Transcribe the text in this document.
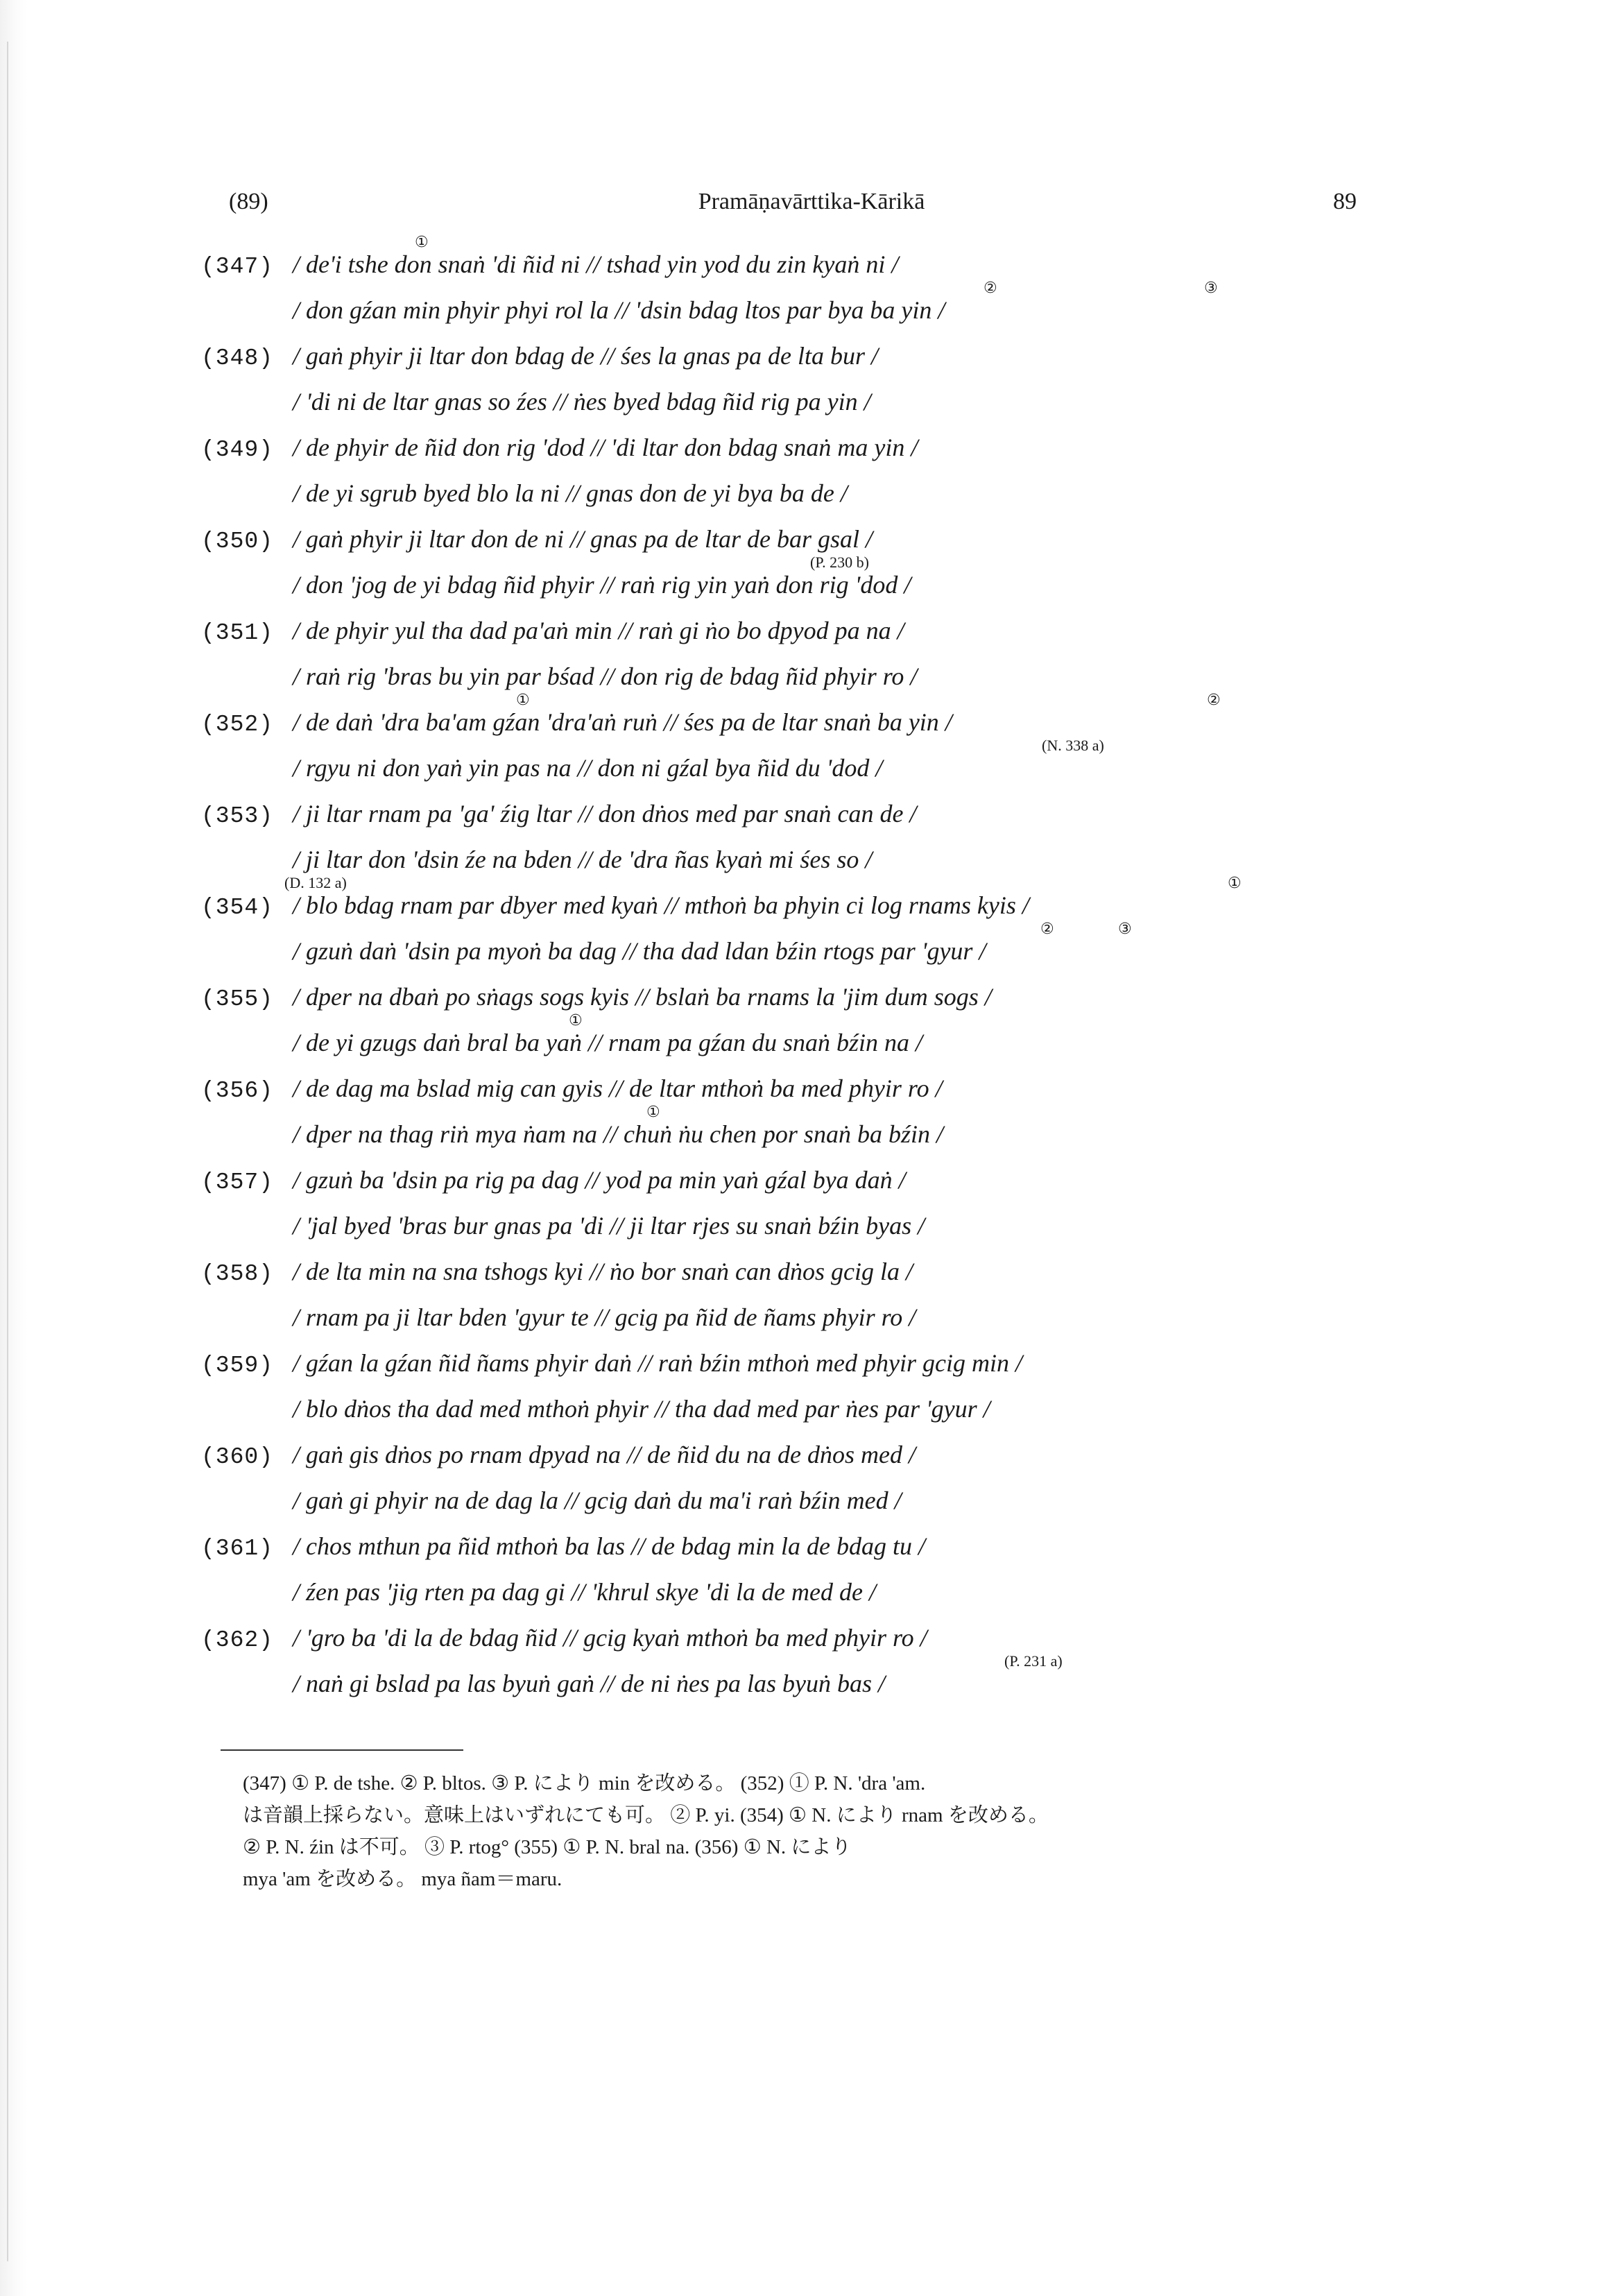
(89)	Pramāṇavārttika-Kārikā	89
(347) / de'i tshe don snaṅ 'di ñid ni // tshad yin yod du zin kyaṅ ni /
/ don gźan min phyir phyi rol la // 'dsin bdag ltos par bya ba yin /
①
②	③
(348) / gaṅ phyir ji ltar don bdag de // śes la gnas pa de lta bur /
/ 'di ni de ltar gnas so źes // ṅes byed bdag ñid rig pa yin /
(349) / de phyir de ñid don rig 'dod // 'di ltar don bdag snaṅ ma yin /
/ de yi sgrub byed blo la ni // gnas don de yi bya ba de /
(350) / gaṅ phyir ji ltar don de ni // gnas pa de ltar de bar gsal /
/ don 'jog de yi bdag ñid phyir // raṅ rig yin yaṅ don rig 'dod /
(P. 230 b)
(351) / de phyir yul tha dad pa'aṅ min // raṅ gi ṅo bo dpyod pa na /
/ raṅ rig 'bras bu yin par bśad // don rig de bdag ñid phyir ro /
(352) / de daṅ 'dra ba'am gźan 'dra'aṅ ruṅ // śes pa de ltar snaṅ ba yin /
/ rgyu ni don yaṅ yin pas na // don ni gźal bya ñid du 'dod /
①	②
(N. 338 a)
(353) / ji ltar rnam pa 'ga' źig ltar // don dṅos med par snaṅ can de /
/ ji ltar don 'dsin źe na bden // de 'dra ñas kyaṅ mi śes so /
(D. 132 a)
(354) / blo bdag rnam par dbyer med kyaṅ // mthoṅ ba phyin ci log rnams kyis /
/ gzuṅ daṅ 'dsin pa myoṅ ba dag // tha dad ldan bźin rtogs par 'gyur /
①
②	③
(355) / dper na dbaṅ po sṅags sogs kyis // bslaṅ ba rnams la 'jim dum sogs /
/ de yi gzugs daṅ bral ba yaṅ // rnam pa gźan du snaṅ bźin na /
①
(356) / de dag ma bslad mig can gyis // de ltar mthoṅ ba med phyir ro /
/ dper na thag riṅ mya ṅam na // chuṅ ṅu chen por snaṅ ba bźin /
①
(357) / gzuṅ ba 'dsin pa rig pa dag // yod pa min yaṅ gźal bya daṅ /
/ 'jal byed 'bras bur gnas pa 'di // ji ltar rjes su snaṅ bźin byas /
(358) / de lta min na sna tshogs kyi // ṅo bor snaṅ can dṅos gcig la /
/ rnam pa ji ltar bden 'gyur te // gcig pa ñid de ñams phyir ro /
(359) / gźan la gźan ñid ñams phyir daṅ // raṅ bźin mthoṅ med phyir gcig min /
/ blo dṅos tha dad med mthoṅ phyir // tha dad med par ṅes par 'gyur /
(360) / gaṅ gis dṅos po rnam dpyad na // de ñid du na de dṅos med /
/ gaṅ gi phyir na de dag la // gcig daṅ du ma'i raṅ bźin med /
(361) / chos mthun pa ñid mthoṅ ba las // de bdag min la de bdag tu /
/ źen pas 'jig rten pa dag gi // 'khrul skye 'di la de med de /
(362) / 'gro ba 'di la de bdag ñid // gcig kyaṅ mthoṅ ba med phyir ro /
/ naṅ gi bslad pa las byuṅ gaṅ // de ni ṅes pa las byuṅ bas /
(P. 231 a)
(347) ① P. de tshe. ② P. bltos. ③ P. により min を改める。 (352) ① P. N. 'dra 'am.
は音韻上採らない。意味上はいずれにても可。 ② P. yi. (354) ① N. により rnam を改める。
② P. N. źin は不可。 ③ P. rtog° (355) ① P. N. bral na. (356) ① N. により
mya 'am を改める。 mya ñam＝maru.
